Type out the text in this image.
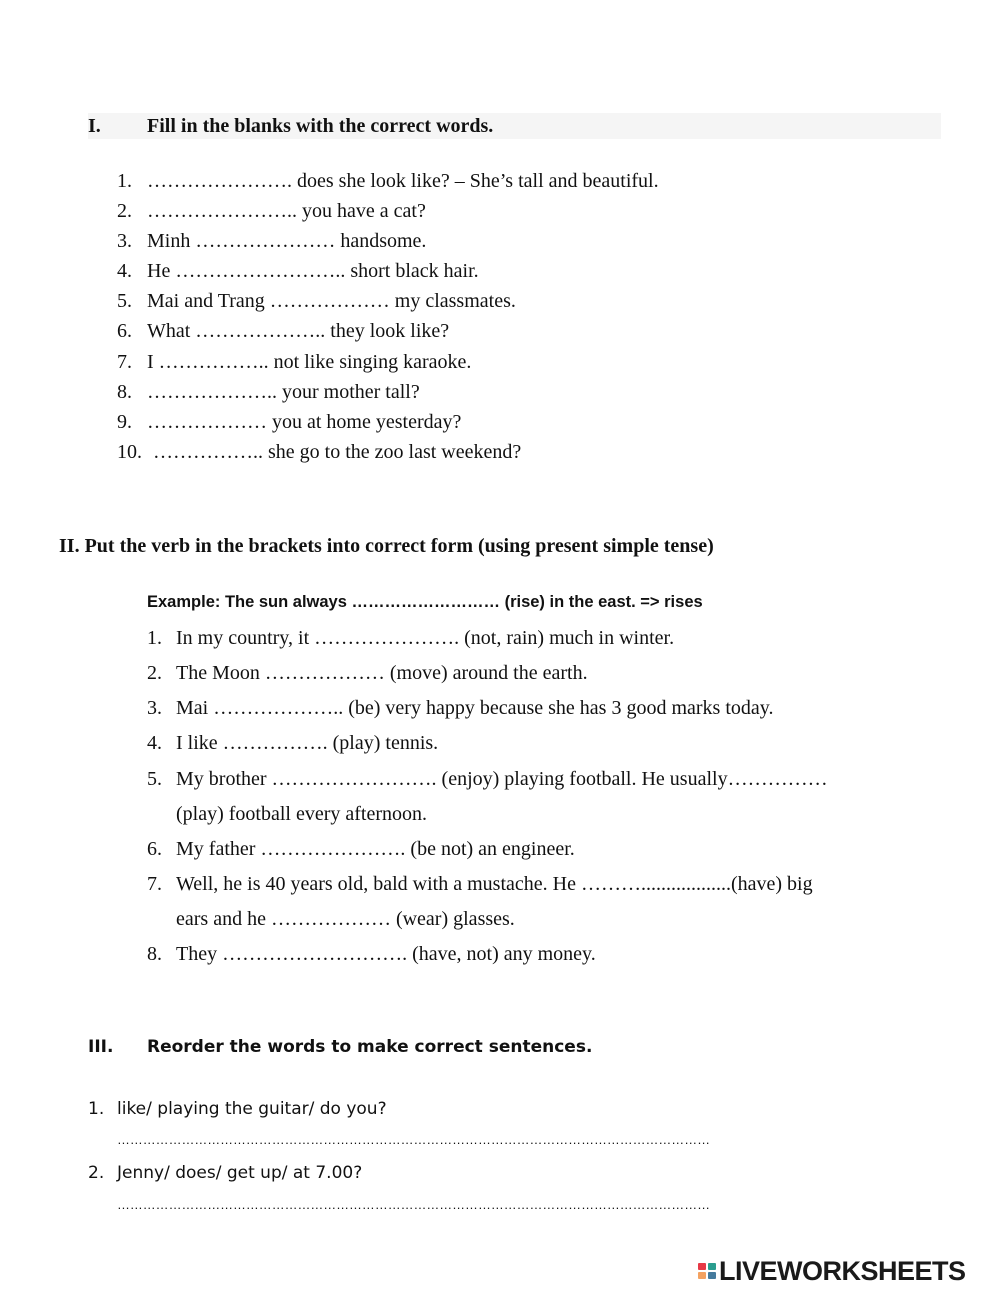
I. Fill in the blanks with the correct words.
1. …………………. does she look like? – She’s tall and beautiful.
2. ………………….. you have a cat?
3. Minh ………………… handsome.
4. He …………………….. short black hair.
5. Mai and Trang ……………… my classmates.
6. What ……………….. they look like?
7. I …………….. not like singing karaoke.
8. ……………….. your mother tall?
9. ……………… you at home yesterday?
10. …………….. she go to the zoo last weekend?
II. Put the verb in the brackets into correct form (using present simple tense)
Example: The sun always ……………………… (rise) in the east. => rises
1. In my country, it …………………. (not, rain) much in winter.
2. The Moon ……………… (move) around the earth.
3. Mai ……………….. (be) very happy because she has 3 good marks today.
4. I like ……………. (play) tennis.
5. My brother ……………………. (enjoy) playing football. He usually……………
(play) football every afternoon.
6. My father …………………. (be not) an engineer.
7. Well, he is 40 years old, bald with a mustache. He ………..................(have) big
ears and he ……………… (wear) glasses.
8. They ………………………. (have, not) any money.
III. Reorder the words to make correct sentences.
1. like/ playing the guitar/ do you?
…………………………………………………………………………………………………………………………
2. Jenny/ does/ get up/ at 7.00?
…………………………………………………………………………………………………………………………
LIVEWORKSHEETS
